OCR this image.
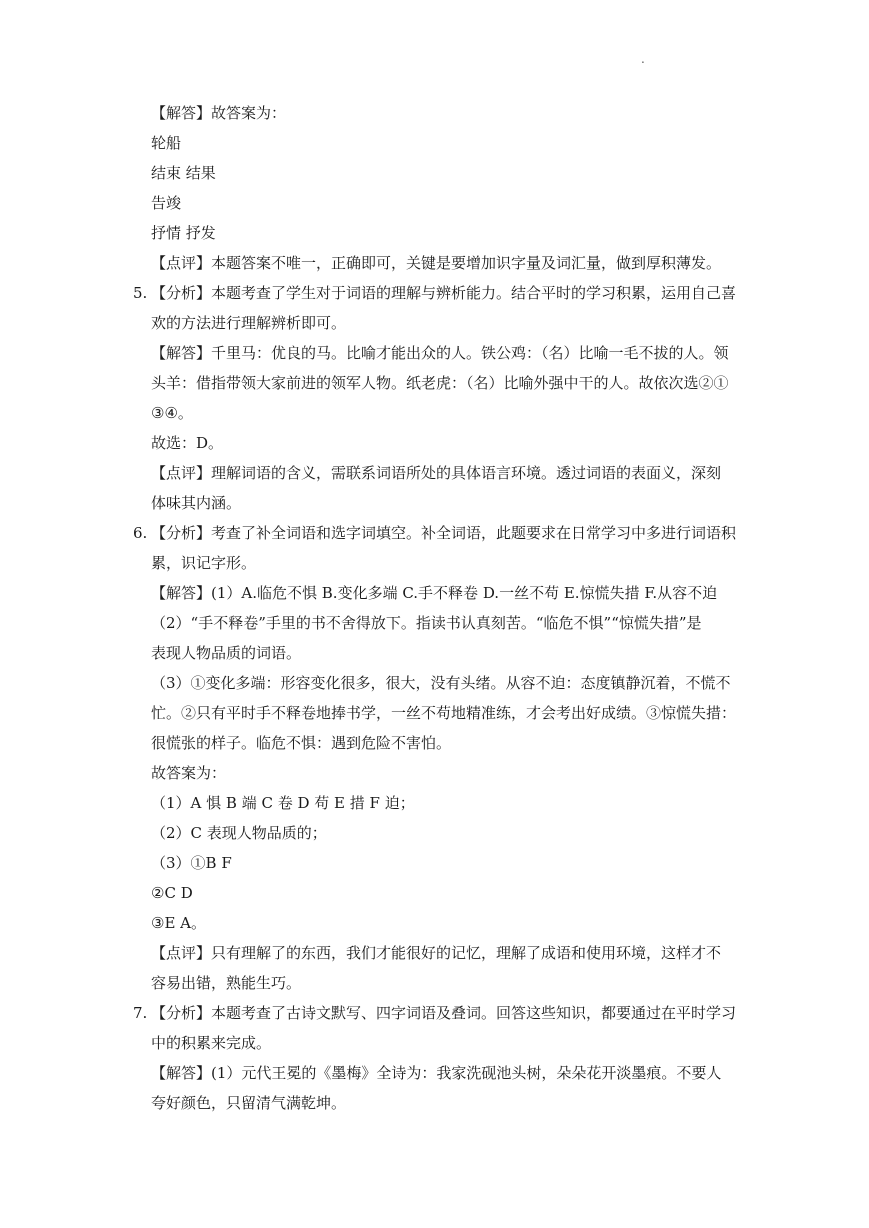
.
【解答】故答案为：
轮船
结束 结果
告竣
抒情 抒发
【点评】本题答案不唯一，正确即可，关键是要增加识字量及词汇量，做到厚积薄发。
5. 【分析】本题考查了学生对于词语的理解与辨析能力。结合平时的学习积累，运用自己喜
欢的方法进行理解辨析即可。
【解答】千里马：优良的马。比喻才能出众的人。铁公鸡：（名）比喻一毛不拔的人。领
头羊：借指带领大家前进的领军人物。纸老虎：（名）比喻外强中干的人。故依次选②①
③④。
故选：D。
【点评】理解词语的含义，需联系词语所处的具体语言环境。透过词语的表面义，深刻
体味其内涵。
6. 【分析】考查了补全词语和选字词填空。补全词语，此题要求在日常学习中多进行词语积
累，识记字形。
【解答】(1）A.临危不惧 B.变化多端 C.手不释卷 D.一丝不苟 E.惊慌失措 F.从容不迫
（2）“手不释卷”手里的书不舍得放下。指读书认真刻苦。“临危不惧”“惊慌失措”是
表现人物品质的词语。
（3）①变化多端：形容变化很多，很大，没有头绪。从容不迫：态度镇静沉着，不慌不
忙。②只有平时手不释卷地捧书学，一丝不苟地精准练，才会考出好成绩。③惊慌失措：
很慌张的样子。临危不惧：遇到危险不害怕。
故答案为：
（1）A 惧 B 端 C 卷 D 苟 E 措 F 迫；
（2）C 表现人物品质的；
（3）①B F
②C D
③E A。
【点评】只有理解了的东西，我们才能很好的记忆，理解了成语和使用环境，这样才不
容易出错，熟能生巧。
7. 【分析】本题考查了古诗文默写、四字词语及叠词。回答这些知识，都要通过在平时学习
中的积累来完成。
【解答】(1）元代王冕的《墨梅》全诗为：我家洗砚池头树，朵朵花开淡墨痕。不要人
夸好颜色，只留清气满乾坤。
